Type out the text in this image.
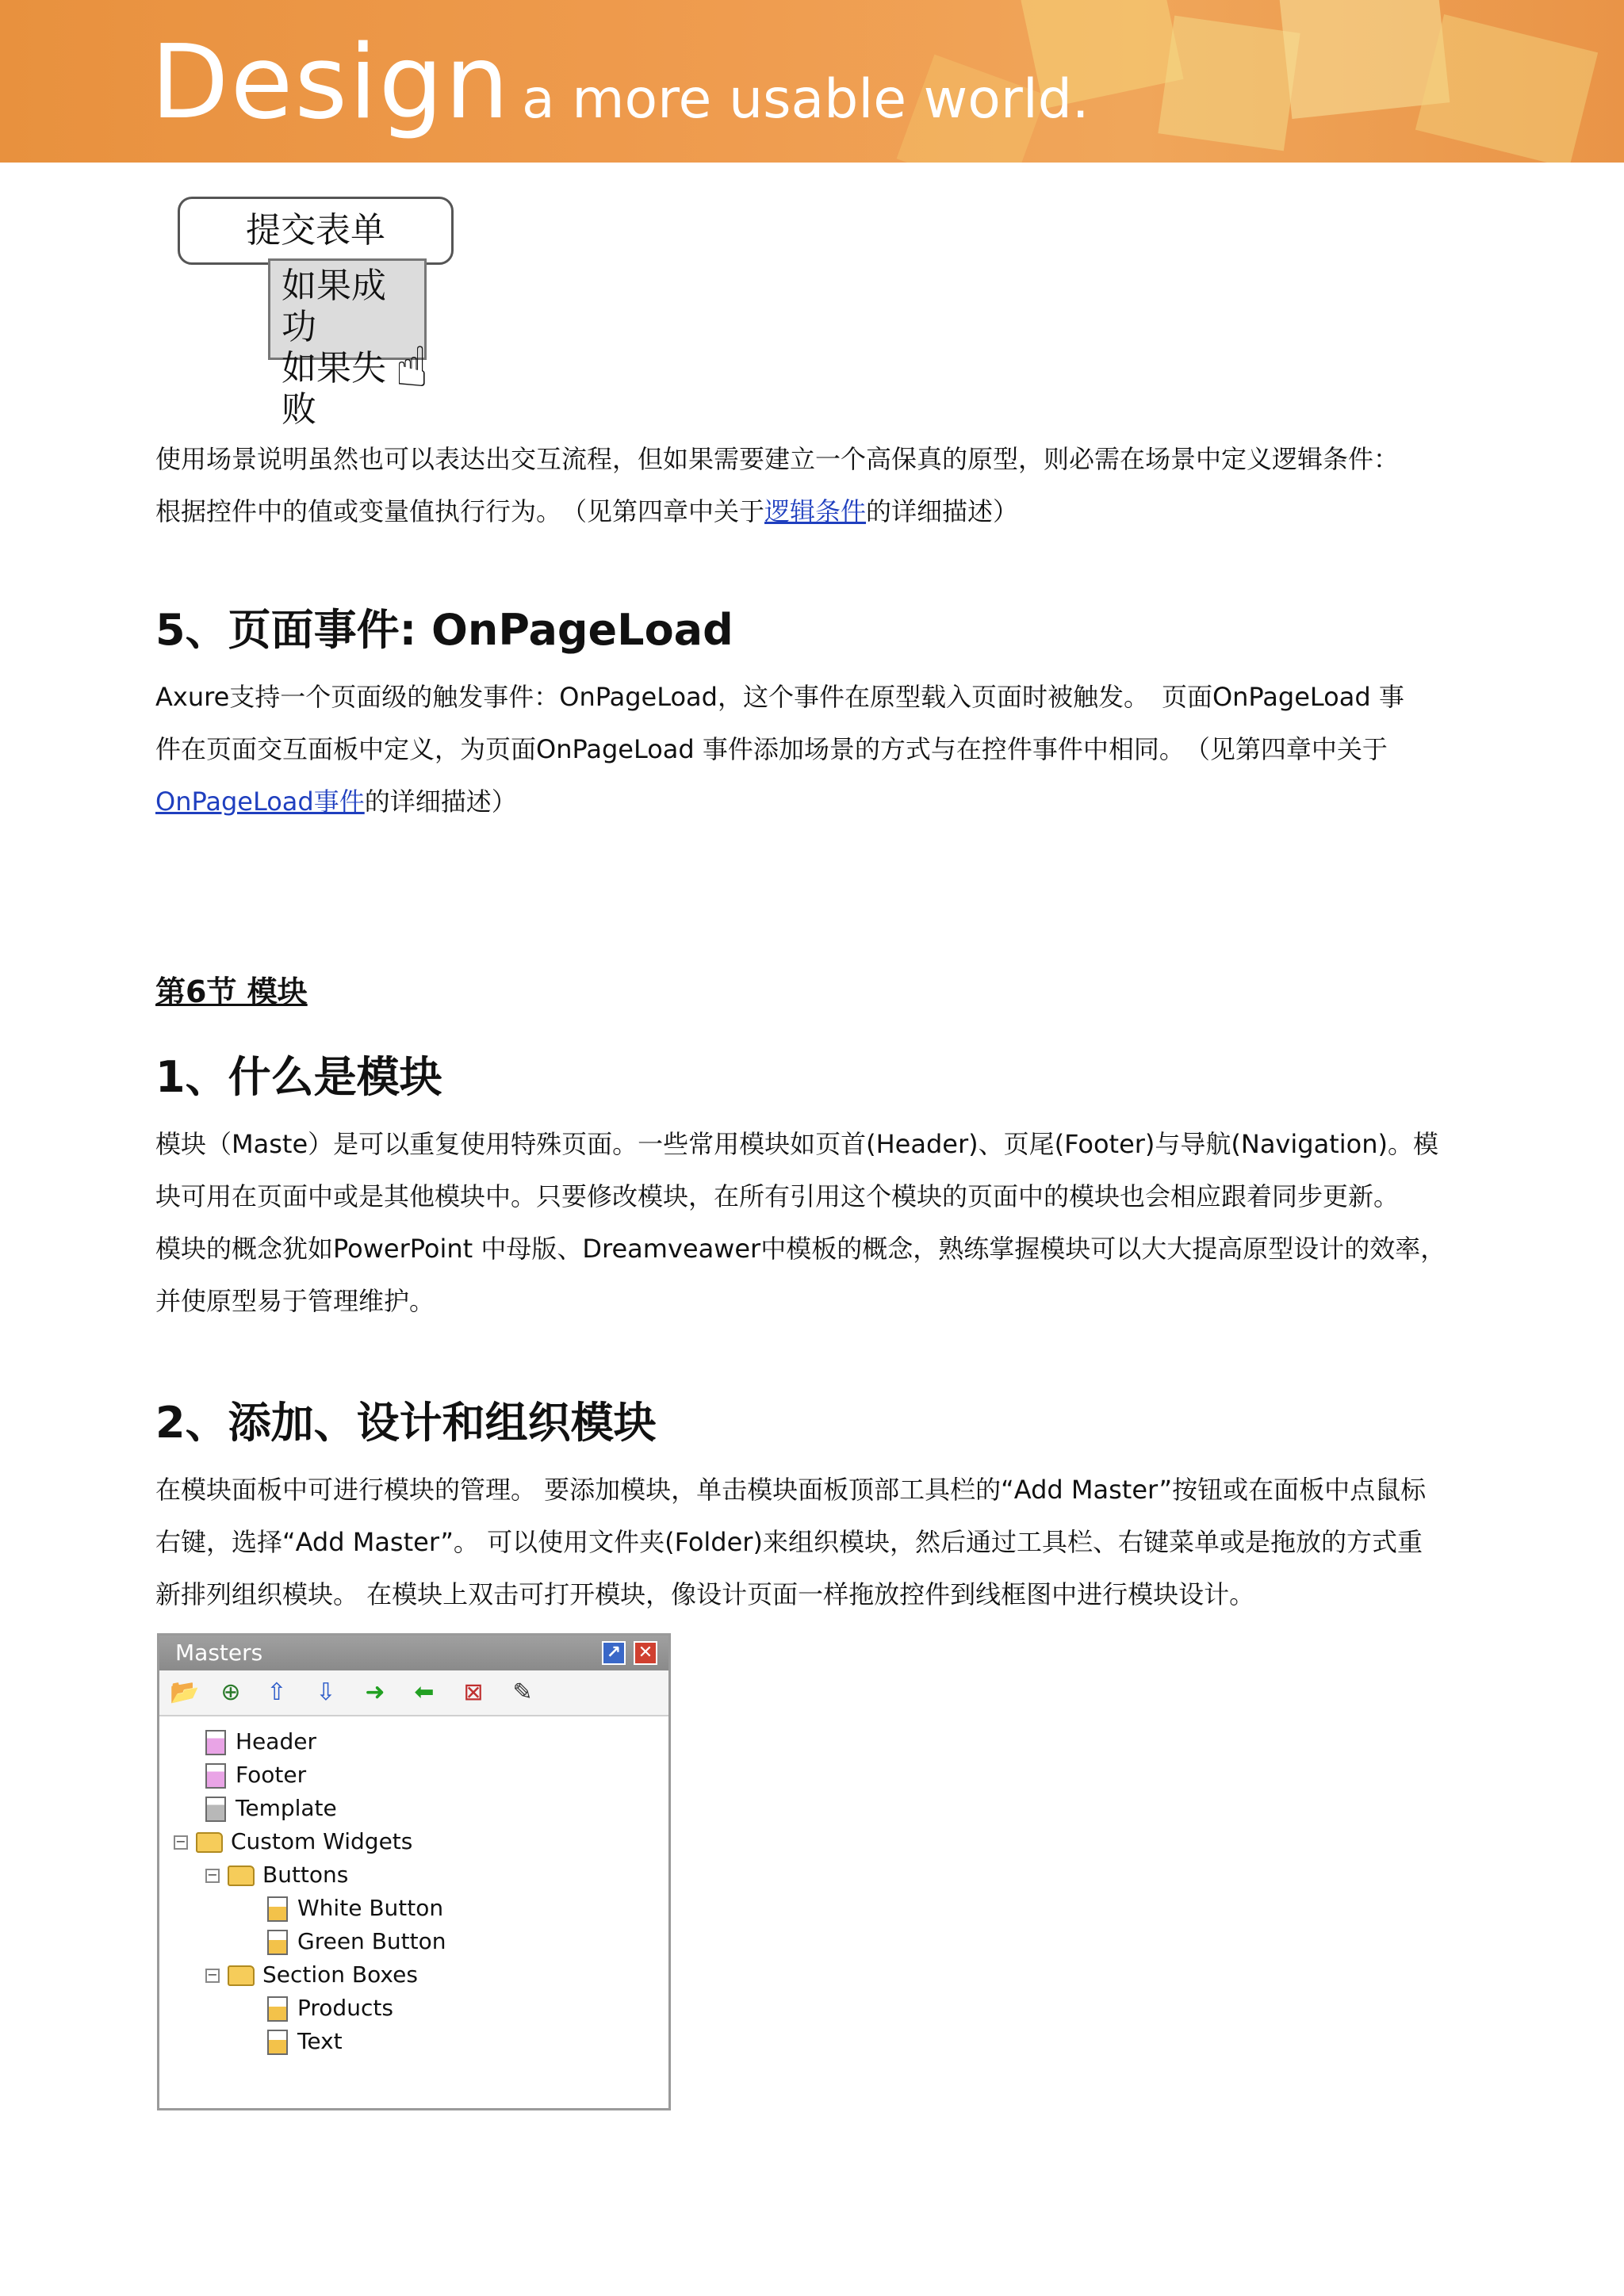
Design a more usable world.
提交表单
如果成功
如果失败
☝
使用场景说明虽然也可以表达出交互流程，但如果需要建立一个高保真的原型，则必需在场景中定义逻辑条件：
根据控件中的值或变量值执行行为。　（见第四章中关于逻辑条件的详细描述）
5、页面事件: OnPageLoad
Axure支持一个页面级的触发事件：OnPageLoad，这个事件在原型载入页面时被触发。　页面OnPageLoad 事
件在页面交互面板中定义，为页面OnPageLoad 事件添加场景的方式与在控件事件中相同。　（见第四章中关于
OnPageLoad事件的详细描述）
第6节 模块
1、什么是模块
模块（Maste）是可以重复使用特殊页面。一些常用模块如页首(Header)、页尾(Footer)与导航(Navigation)。模
块可用在页面中或是其他模块中。只要修改模块，在所有引用这个模块的页面中的模块也会相应跟着同步更新。
模块的概念犹如PowerPoint 中母版、Dreamveawer中模板的概念，熟练掌握模块可以大大提高原型设计的效率，
并使原型易于管理维护。
2、添加、设计和组织模块
在模块面板中可进行模块的管理。 要添加模块，单击模块面板顶部工具栏的“Add Master”按钮或在面板中点鼠标
右键，选择“Add Master”。 可以使用文件夹(Folder)来组织模块，然后通过工具栏、右键菜单或是拖放的方式重
新排列组织模块。 在模块上双击可打开模块，像设计页面一样拖放控件到线框图中进行模块设计。
Masters	↗ ✕
📂 ⊕ ⇧ ⇩ ➜ ⬅ ⊠ ✎
Header
Footer
Template
− Custom Widgets
− Buttons
White Button
Green Button
− Section Boxes
Products
Text
